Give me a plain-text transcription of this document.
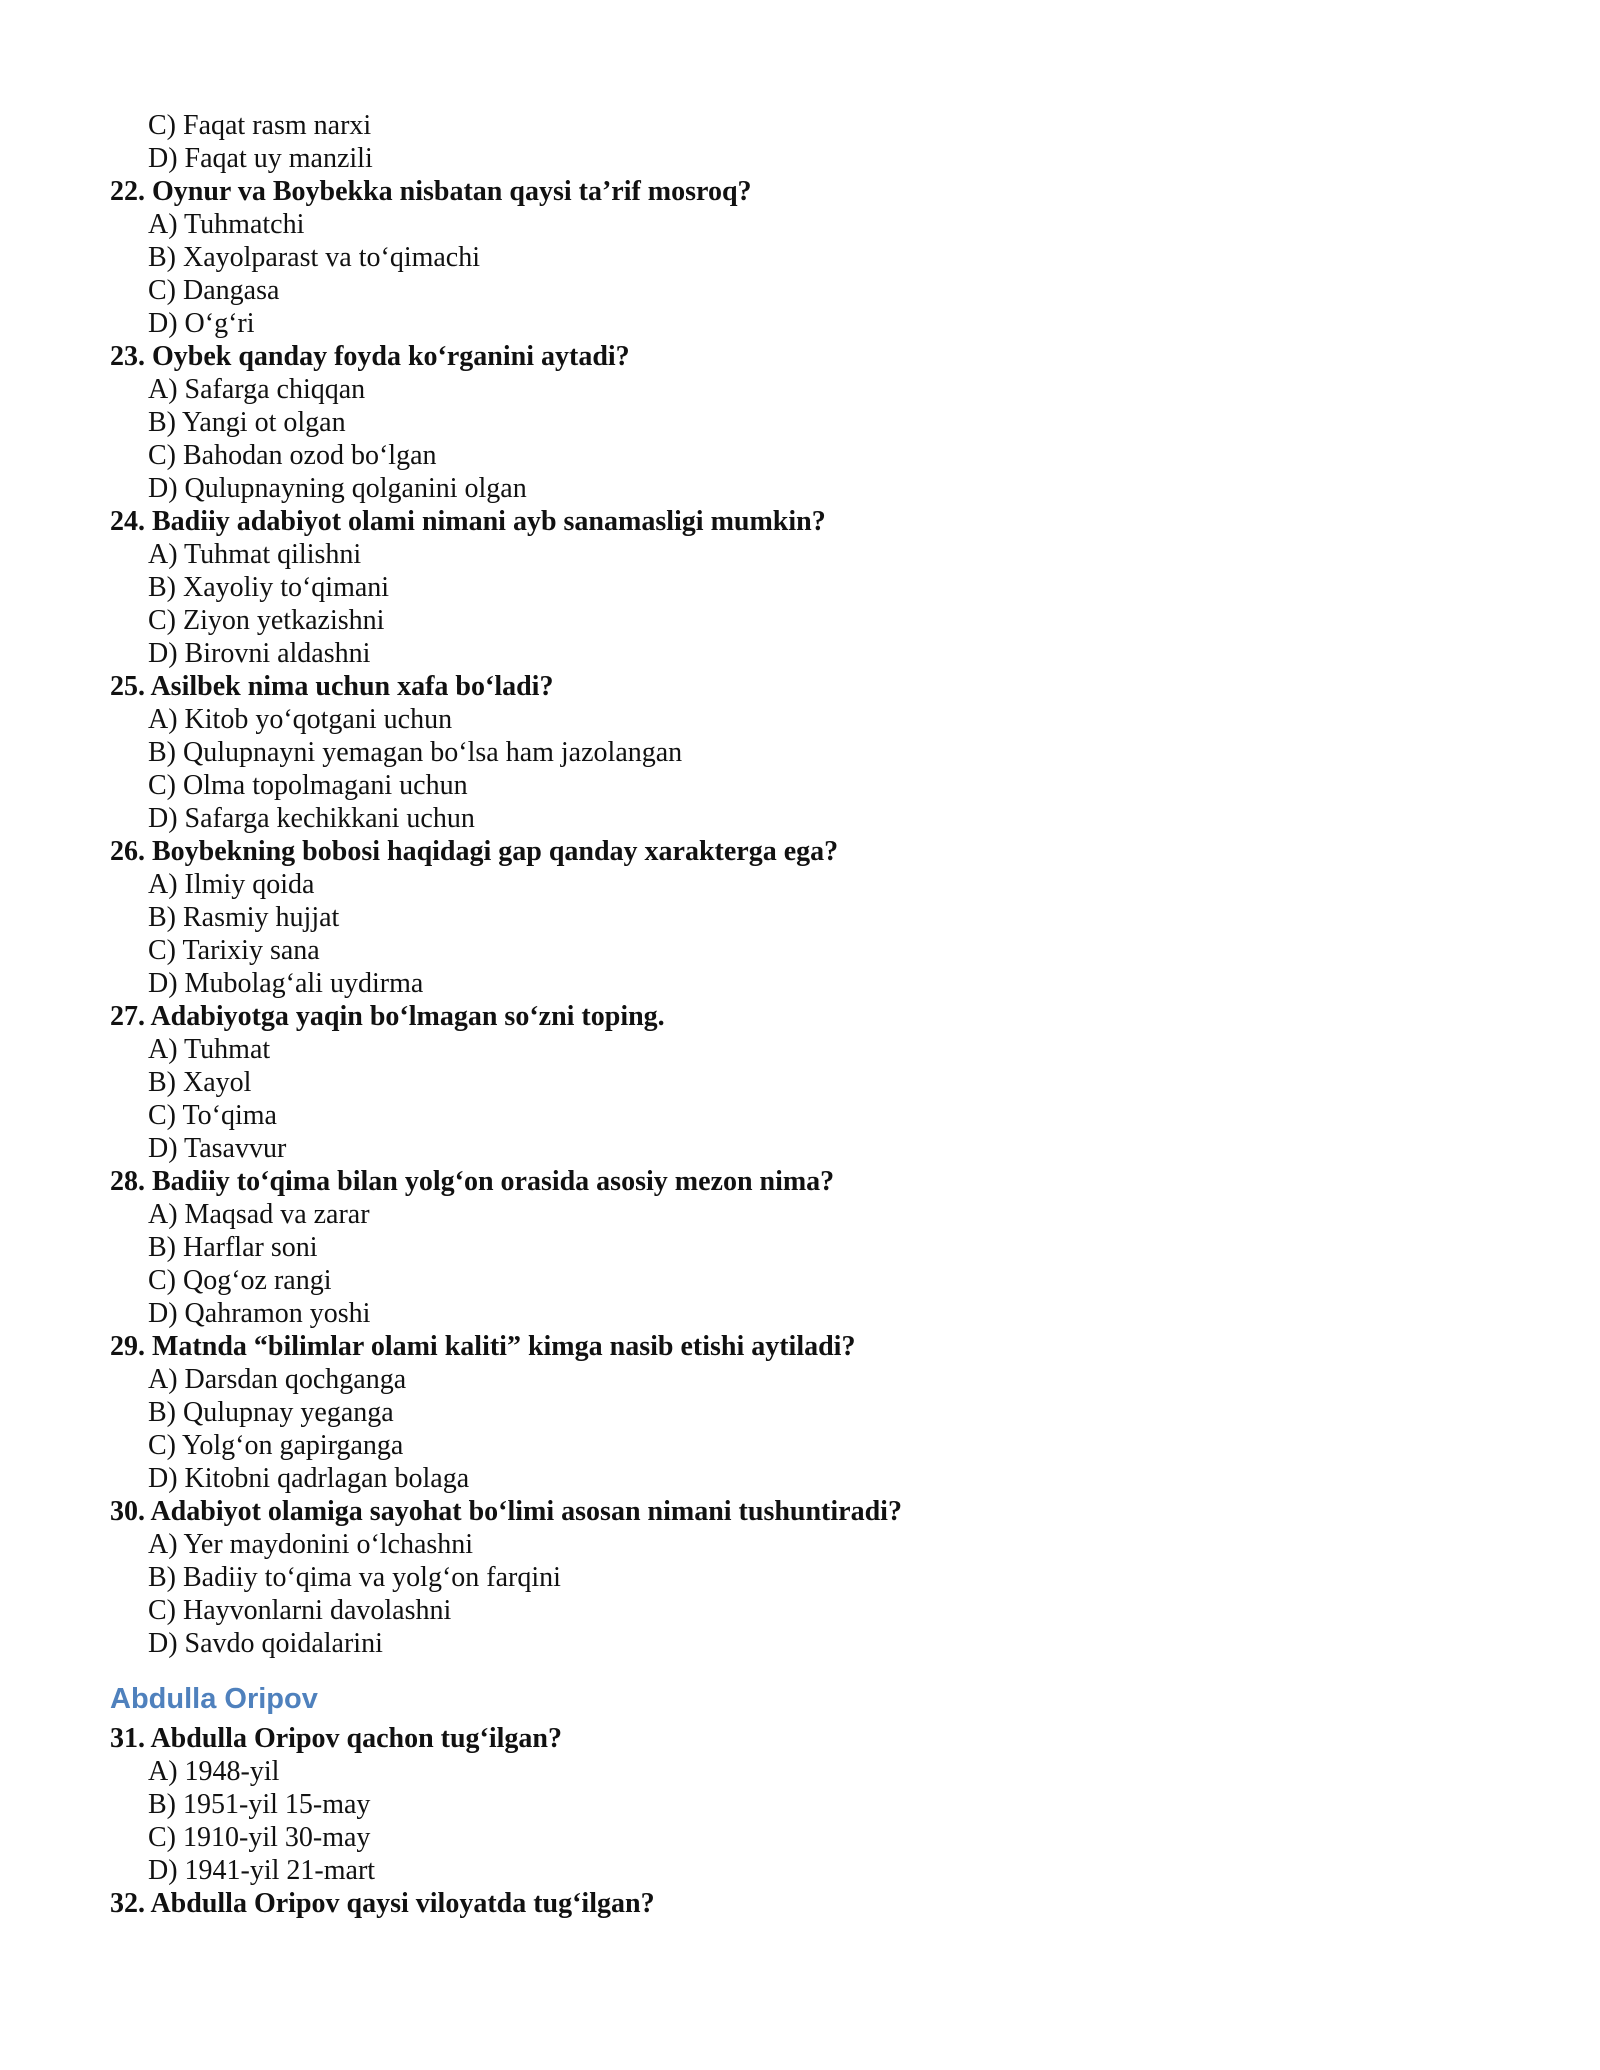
C) Faqat rasm narxi
D) Faqat uy manzili
22. Oynur va Boybekka nisbatan qaysi ta’rif mosroq?
A) Tuhmatchi
B) Xayolparast va to‘qimachi
C) Dangasa
D) O‘g‘ri
23. Oybek qanday foyda ko‘rganini aytadi?
A) Safarga chiqqan
B) Yangi ot olgan
C) Bahodan ozod bo‘lgan
D) Qulupnayning qolganini olgan
24. Badiiy adabiyot olami nimani ayb sanamasligi mumkin?
A) Tuhmat qilishni
B) Xayoliy to‘qimani
C) Ziyon yetkazishni
D) Birovni aldashni
25. Asilbek nima uchun xafa bo‘ladi?
A) Kitob yo‘qotgani uchun
B) Qulupnayni yemagan bo‘lsa ham jazolangan
C) Olma topolmagani uchun
D) Safarga kechikkani uchun
26. Boybekning bobosi haqidagi gap qanday xarakterga ega?
A) Ilmiy qoida
B) Rasmiy hujjat
C) Tarixiy sana
D) Mubolag‘ali uydirma
27. Adabiyotga yaqin bo‘lmagan so‘zni toping.
A) Tuhmat
B) Xayol
C) To‘qima
D) Tasavvur
28. Badiiy to‘qima bilan yolg‘on orasida asosiy mezon nima?
A) Maqsad va zarar
B) Harflar soni
C) Qog‘oz rangi
D) Qahramon yoshi
29. Matnda “bilimlar olami kaliti” kimga nasib etishi aytiladi?
A) Darsdan qochganga
B) Qulupnay yeganga
C) Yolg‘on gapirganga
D) Kitobni qadrlagan bolaga
30. Adabiyot olamiga sayohat bo‘limi asosan nimani tushuntiradi?
A) Yer maydonini o‘lchashni
B) Badiiy to‘qima va yolg‘on farqini
C) Hayvonlarni davolashni
D) Savdo qoidalarini
Abdulla Oripov
31. Abdulla Oripov qachon tug‘ilgan?
A) 1948-yil
B) 1951-yil 15-may
C) 1910-yil 30-may
D) 1941-yil 21-mart
32. Abdulla Oripov qaysi viloyatda tug‘ilgan?
